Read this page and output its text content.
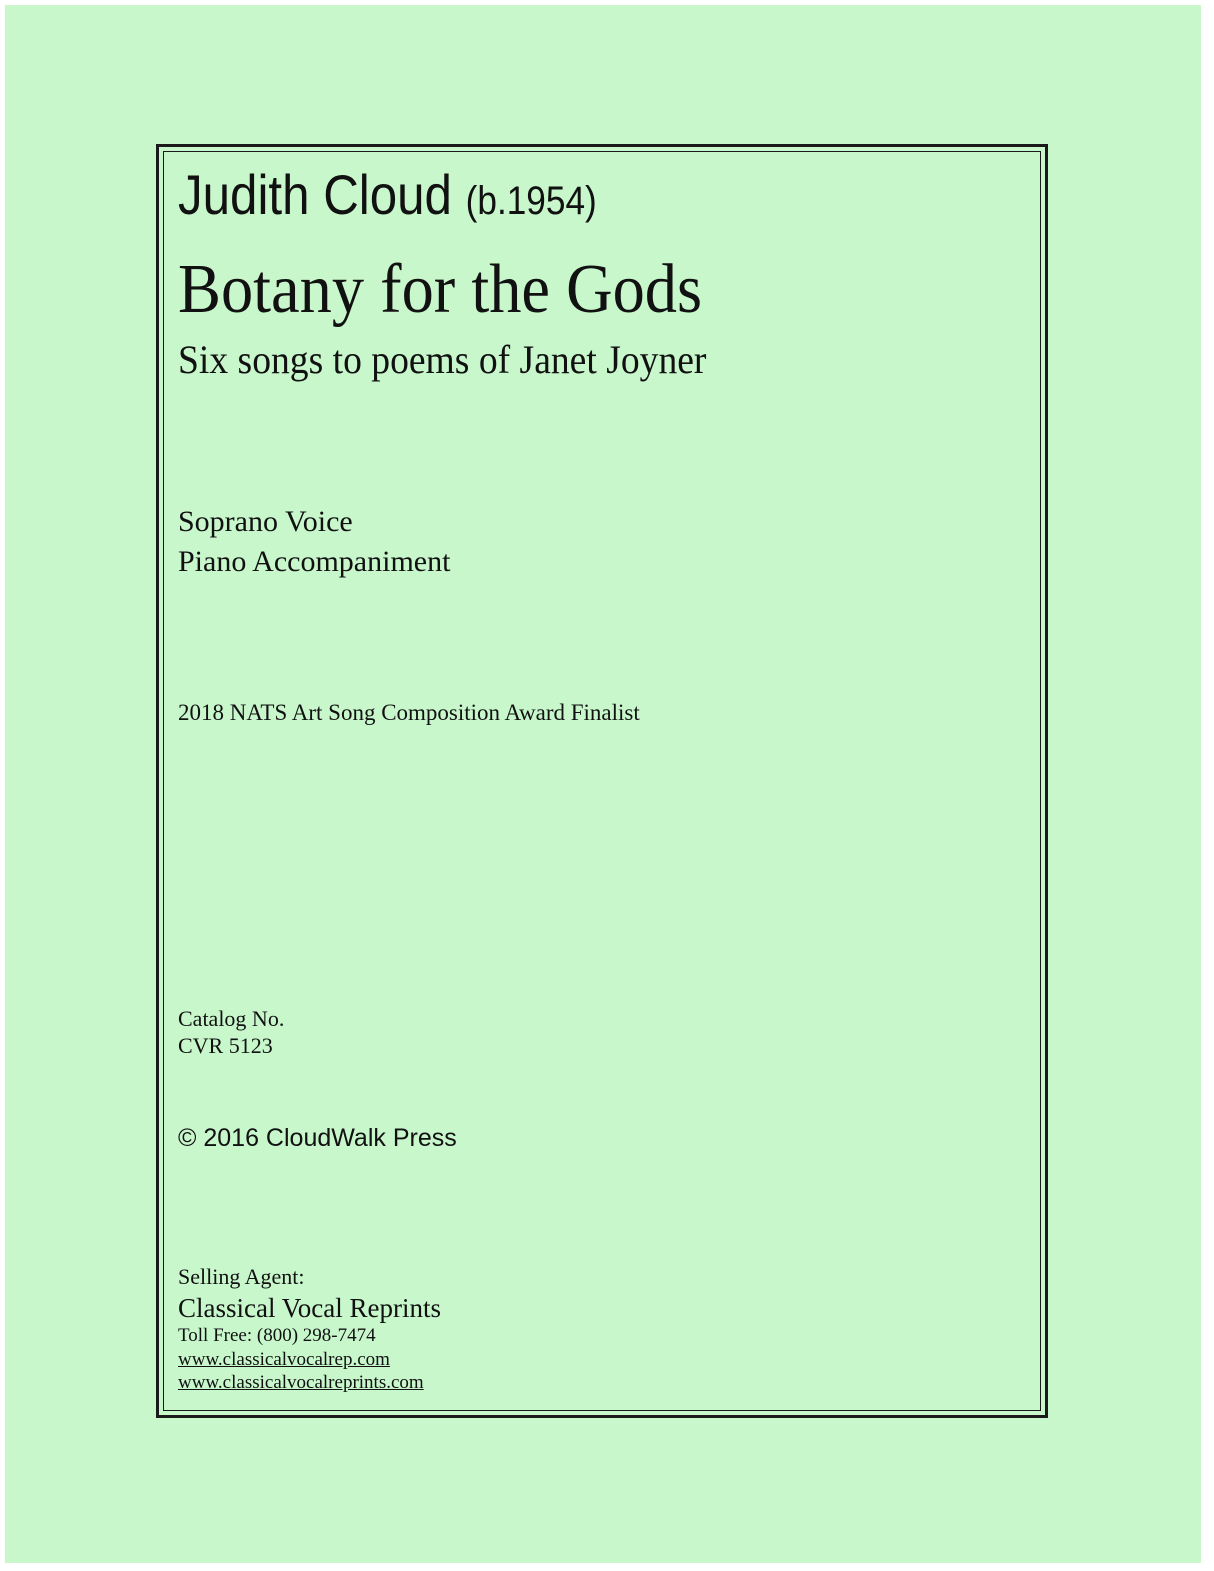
Judith Cloud (b.1954)

Botany for the Gods

Six songs to poems of Janet Joyner

Soprano Voice

Piano Accompaniment

2018 NATS Art Song Composition Award Finalist

Catalog No.

CVR 5123

© 2016 CloudWalk Press

Selling Agent:

Classical Vocal Reprints

Toll Free: (800) 298-7474

www.classicalvocalrep.com
www.classicalvocalreprints.com
